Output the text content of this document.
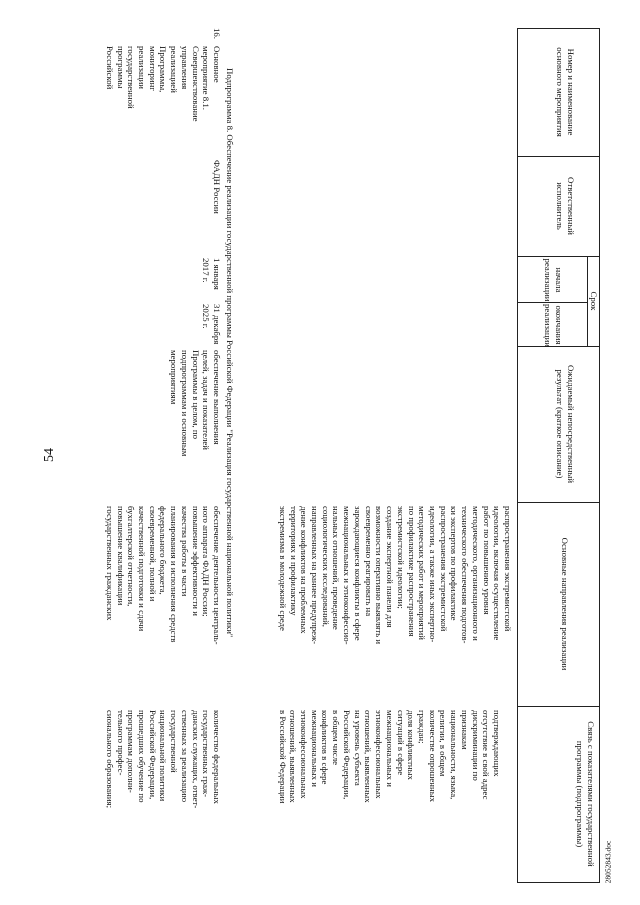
54
Номер и наименование основного мероприятия
Ответственный исполнитель
Срок
начала реализации
окончания реализации
Ожидаемый непосредственный результат (краткое описание)
Основные направления реализации
Связь с показателями государственной программы (подпрограммы)

распространения экстремистской

идеологии, включая осуществление

работ по повышению уровня

методического, организационного и

технического обеспечения подготов-

ки экспертов по профилактике

распространения экстремистской

идеологии, а также иных экспертно-

методических работ и мероприятий

по профилактике распространения

экстремистской идеологии;

создание экспертной панели для

возможности оперативно выявлять и

своевременно реагировать на

зарождающиеся конфликты в сфере

межнациональных и этноконфессио-

нальных отношений, проведение

социологических исследований,

направленных на раннее предупреж-

дение конфликтов на проблемных

территориях и профилактику

экстремизма в молодежной среде

подтверждающих

отсутствие в свой адрес

дискриминации по

признакам

национальности, языка,

религии, в общем

количестве опрошенных

граждан;

доля конфликтных

ситуаций в сфере

межнациональных и

этноконфессиональных

отношений, выявленных

на уровень субъекта

Российской Федерации,

в общем числе

конфликтов в сфере

межнациональных и

этноконфессиональных

отношений, выявленных

в Российской Федерации

Подпрограмма 8. Обеспечение реализации государственной программы Российской Федерации "Реализация государственной национальной политики"
16.

Основное

мероприятие 8.1.

Совершенствование

управления

реализацией

Программы,

мониторинг

реализации

государственной

программы

Российской

ФАДН России

1 января

2017 г.

31 декабря

2025 г.

обеспечение выполнения

целей, задач и показателей

Программы в целом, по

подпрограммам и основным

мероприятиям

обеспечение деятельности централь-

ного аппарата ФАДН России;

повышение эффективности и

качества работы в части

планирования и исполнения средств

федерального бюджета,

своевременной, полной и

качественной подготовки и сдачи

бухгалтерской отчетности,

повышение квалификации

государственных гражданских

количество федеральных

государственных граж-

данских служащих, ответ-

ственных за реализацию

государственной

национальной политики

Российской Федерации,

прошедших обучение по

программам дополни-

тельного профес-

сионального образования;

28052843.doc
